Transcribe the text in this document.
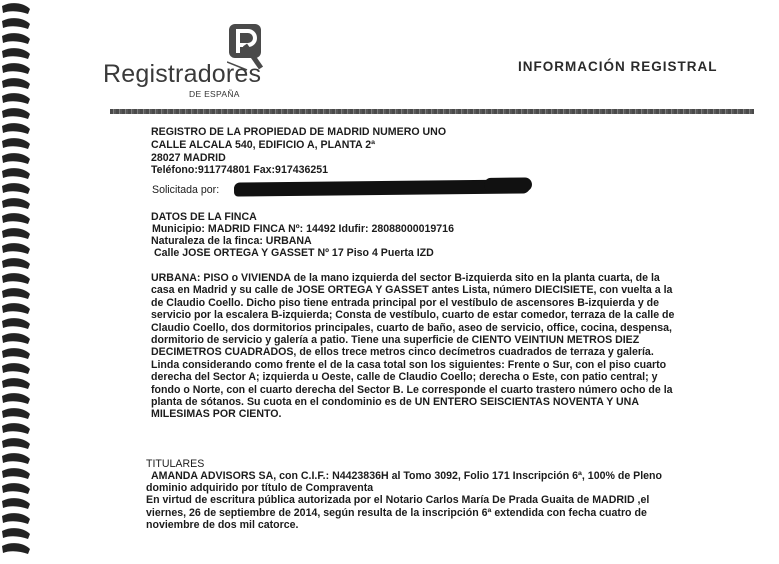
Registradores
DE ESPAÑA
INFORMACIÓN REGISTRAL
REGISTRO DE LA PROPIEDAD DE MADRID NUMERO UNO
CALLE ALCALA 540, EDIFICIO A, PLANTA 2ª
28027 MADRID
Teléfono:911774801 Fax:917436251
Solicitada por:
DATOS DE LA FINCA
Municipio: MADRID FINCA Nº: 14492 Idufir: 28088000019716
Naturaleza de la finca: URBANA
Calle JOSE ORTEGA Y GASSET Nº 17 Piso 4 Puerta IZD

URBANA: PISO o VIVIENDA de la mano izquierda del sector B-izquierda sito en la planta cuarta, de la

casa en Madrid y su calle de JOSE ORTEGA Y GASSET antes Lista, número DIECISIETE, con vuelta a la

de Claudio Coello. Dicho piso tiene entrada principal por el vestíbulo de ascensores B-izquierda y de

servicio por la escalera B-izquierda; Consta de vestíbulo, cuarto de estar comedor, terraza de la calle de

Claudio Coello, dos dormitorios principales, cuarto de baño, aseo de servicio, office, cocina, despensa,

dormitorio de servicio y galería a patio. Tiene una superficie de CIENTO VEINTIUN METROS DIEZ

DECIMETROS CUADRADOS, de ellos trece metros cinco decímetros cuadrados de terraza y galería.

Linda considerando como frente el de la casa total son los siguientes: Frente o Sur, con el piso cuarto

derecha del Sector A; izquierda u Oeste, calle de Claudio Coello; derecha o Este, con patio central; y

fondo o Norte, con el cuarto derecha del Sector B. Le corresponde el cuarto trastero número ocho de la

planta de sótanos. Su cuota en el condominio es de UN ENTERO SEISCIENTAS NOVENTA Y UNA

MILESIMAS POR CIENTO.

TITULARES
AMANDA ADVISORS SA, con C.I.F.: N4423836H al Tomo 3092, Folio 171 Inscripción 6ª, 100% de Pleno
dominio adquirido por título de Compraventa
En virtud de escritura pública autorizada por el Notario Carlos María De Prada Guaita de MADRID ,el
viernes, 26 de septiembre de 2014, según resulta de la inscripción 6ª extendida con fecha cuatro de
noviembre de dos mil catorce.
